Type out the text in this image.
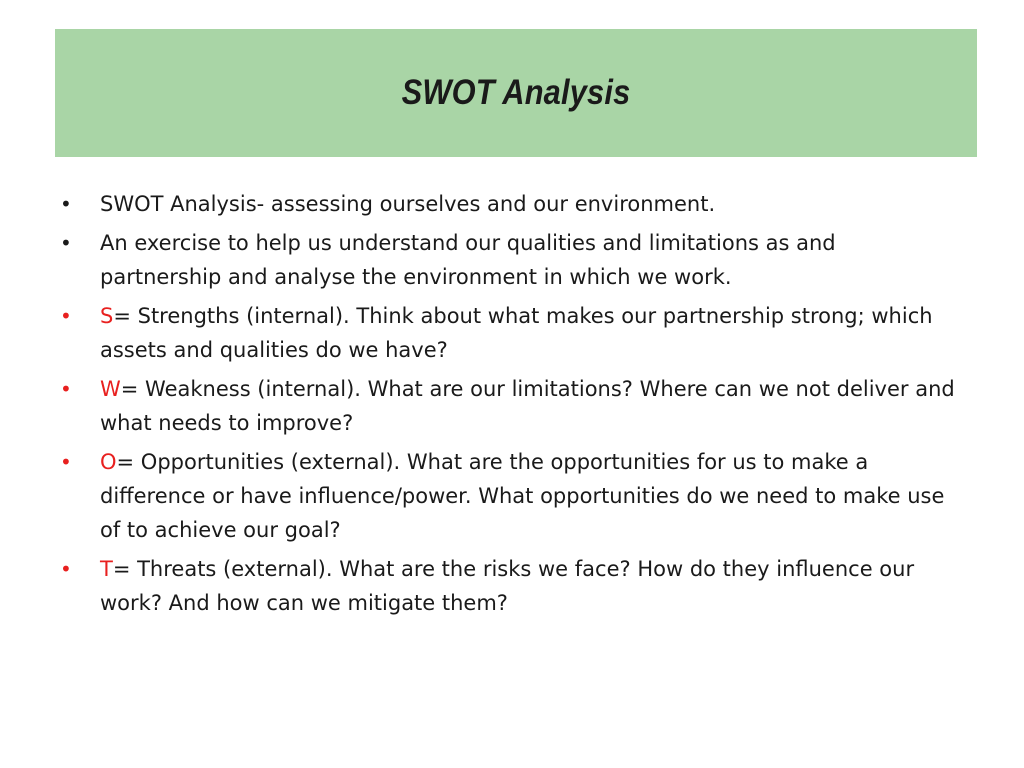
SWOT Analysis
•	SWOT Analysis- assessing ourselves and our environment.
•	An exercise to help us understand our qualities and limitations as and partnership and analyse the environment in which we work.
•	S= Strengths (internal). Think about what makes our partnership strong; which assets and qualities do we have?
•	W= Weakness (internal). What are our limitations? Where can we not deliver and what needs to improve?
•	O= Opportunities (external). What are the opportunities for us to make a difference or have influence/power. What opportunities do we need to make use of to achieve our goal?
•	T= Threats (external). What are the risks we face? How do they influence our work? And how can we mitigate them?
